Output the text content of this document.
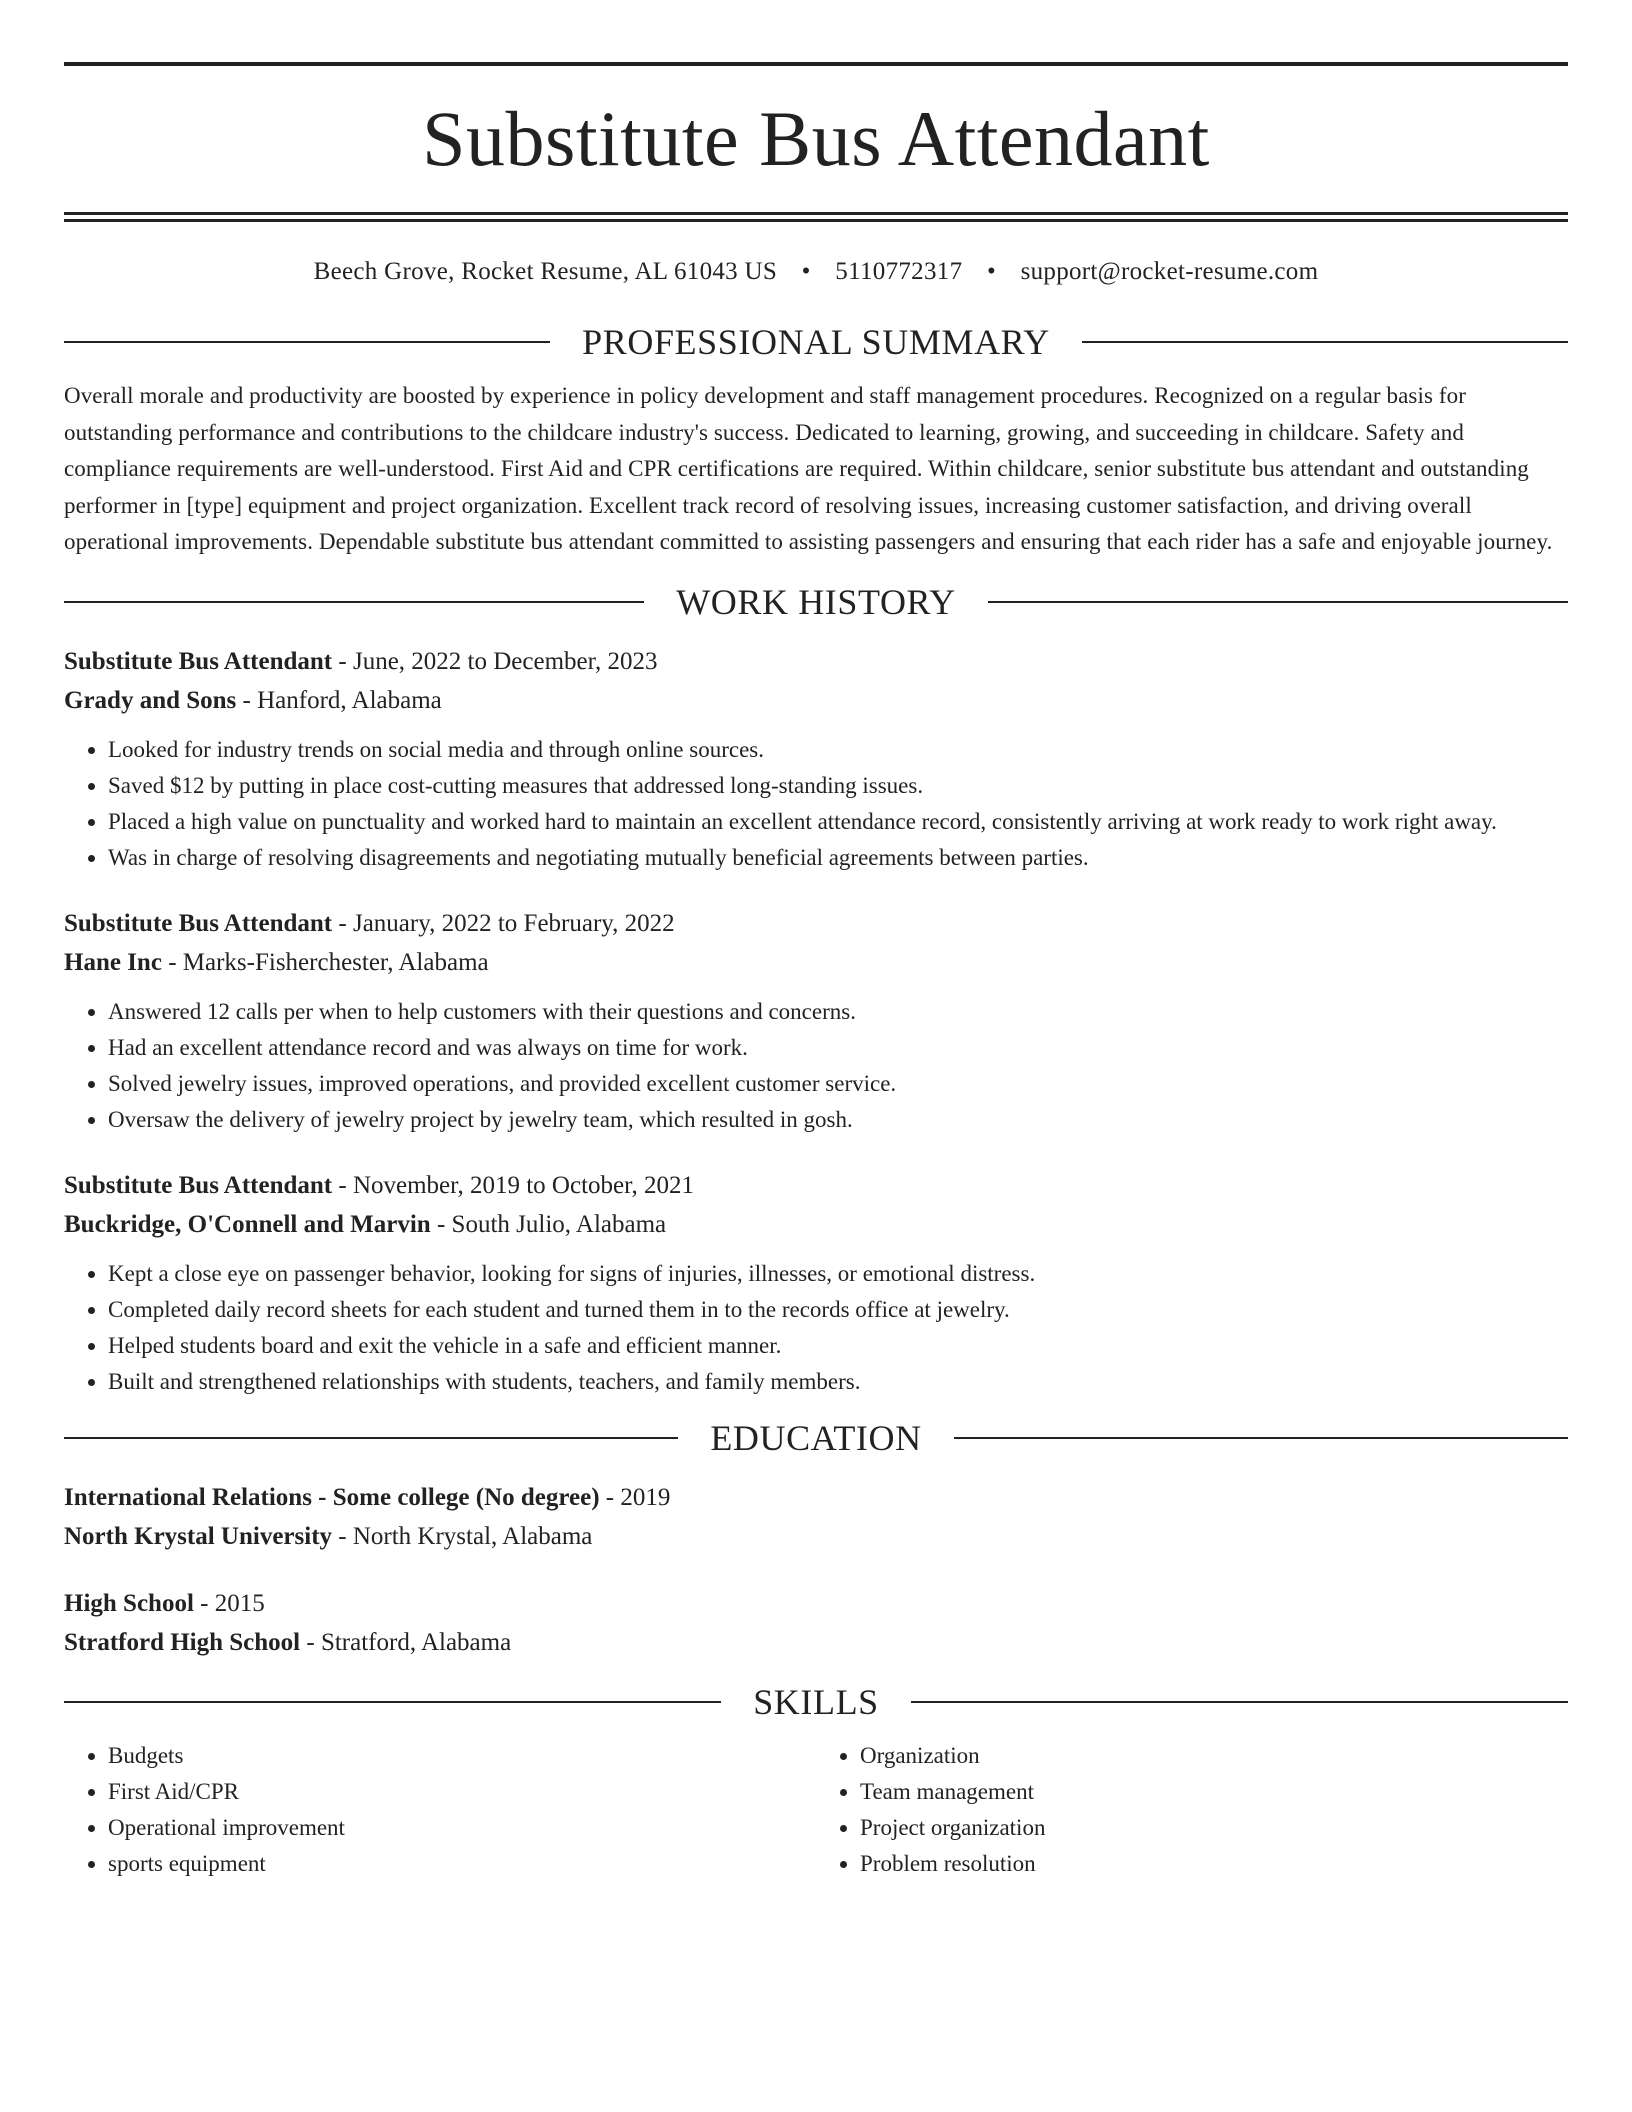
Substitute Bus Attendant
Beech Grove, Rocket Resume, AL 61043 US • 5110772317 • support@rocket-resume.com
PROFESSIONAL SUMMARY

Overall morale and productivity are boosted by experience in policy development and staff management procedures. Recognized on a regular basis for outstanding performance and contributions to the childcare industry's success. Dedicated to learning, growing, and succeeding in childcare. Safety and compliance requirements are well-understood. First Aid and CPR certifications are required. Within childcare, senior substitute bus attendant and outstanding performer in [type] equipment and project organization. Excellent track record of resolving issues, increasing customer satisfaction, and driving overall operational improvements. Dependable substitute bus attendant committed to assisting passengers and ensuring that each rider has a safe and enjoyable journey.

WORK HISTORY
Substitute Bus Attendant - June, 2022 to December, 2023
Grady and Sons - Hanford, Alabama
• Looked for industry trends on social media and through online sources.
• Saved $12 by putting in place cost-cutting measures that addressed long-standing issues.
• Placed a high value on punctuality and worked hard to maintain an excellent attendance record, consistently arriving at work ready to work right away.
• Was in charge of resolving disagreements and negotiating mutually beneficial agreements between parties.
Substitute Bus Attendant - January, 2022 to February, 2022
Hane Inc - Marks-Fisherchester, Alabama
• Answered 12 calls per when to help customers with their questions and concerns.
• Had an excellent attendance record and was always on time for work.
• Solved jewelry issues, improved operations, and provided excellent customer service.
• Oversaw the delivery of jewelry project by jewelry team, which resulted in gosh.
Substitute Bus Attendant - November, 2019 to October, 2021
Buckridge, O'Connell and Marvin - South Julio, Alabama
• Kept a close eye on passenger behavior, looking for signs of injuries, illnesses, or emotional distress.
• Completed daily record sheets for each student and turned them in to the records office at jewelry.
• Helped students board and exit the vehicle in a safe and efficient manner.
• Built and strengthened relationships with students, teachers, and family members.
EDUCATION
International Relations - Some college (No degree) - 2019
North Krystal University - North Krystal, Alabama
High School - 2015
Stratford High School - Stratford, Alabama
SKILLS
• Budgets
• First Aid/CPR
• Operational improvement
• sports equipment
• Organization
• Team management
• Project organization
• Problem resolution
